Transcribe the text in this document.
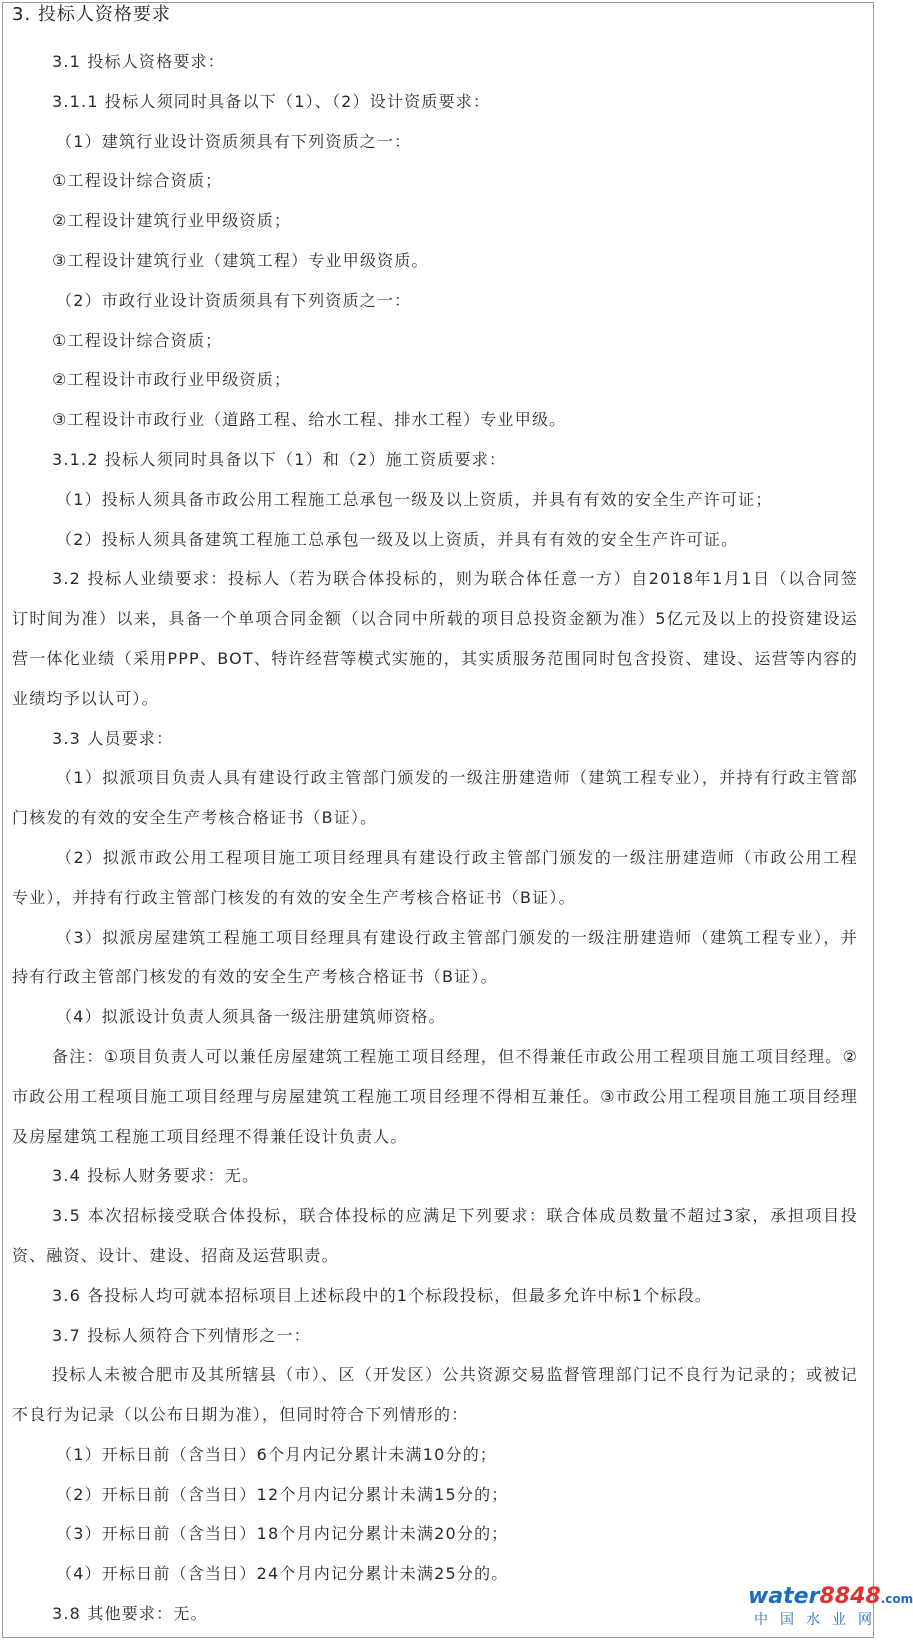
3. 投标人资格要求

3.1 投标人资格要求：

3.1.1 投标人须同时具备以下（1）、（2）设计资质要求：

（1）建筑行业设计资质须具有下列资质之一：

①工程设计综合资质；

②工程设计建筑行业甲级资质；

③工程设计建筑行业（建筑工程）专业甲级资质。

（2）市政行业设计资质须具有下列资质之一：

①工程设计综合资质；

②工程设计市政行业甲级资质；

③工程设计市政行业（道路工程、给水工程、排水工程）专业甲级。

3.1.2 投标人须同时具备以下（1）和（2）施工资质要求：

（1）投标人须具备市政公用工程施工总承包一级及以上资质，并具有有效的安全生产许可证；

（2）投标人须具备建筑工程施工总承包一级及以上资质，并具有有效的安全生产许可证。

3.2 投标人业绩要求：投标人（若为联合体投标的，则为联合体任意一方）自2018年1月1日（以合同签订时间为准）以来，具备一个单项合同金额（以合同中所载的项目总投资金额为准）5亿元及以上的投资建设运营一体化业绩（采用PPP、BOT、特许经营等模式实施的，其实质服务范围同时包含投资、建设、运营等内容的业绩均予以认可）。

3.3 人员要求：

（1）拟派项目负责人具有建设行政主管部门颁发的一级注册建造师（建筑工程专业），并持有行政主管部门核发的有效的安全生产考核合格证书（B证）。

（2）拟派市政公用工程项目施工项目经理具有建设行政主管部门颁发的一级注册建造师（市政公用工程专业），并持有行政主管部门核发的有效的安全生产考核合格证书（B证）。

（3）拟派房屋建筑工程施工项目经理具有建设行政主管部门颁发的一级注册建造师（建筑工程专业），并持有行政主管部门核发的有效的安全生产考核合格证书（B证）。

（4）拟派设计负责人须具备一级注册建筑师资格。

备注：①项目负责人可以兼任房屋建筑工程施工项目经理，但不得兼任市政公用工程项目施工项目经理。②市政公用工程项目施工项目经理与房屋建筑工程施工项目经理不得相互兼任。③市政公用工程项目施工项目经理及房屋建筑工程施工项目经理不得兼任设计负责人。

3.4 投标人财务要求：无。

3.5 本次招标接受联合体投标，联合体投标的应满足下列要求：联合体成员数量不超过3家，承担项目投资、融资、设计、建设、招商及运营职责。

3.6 各投标人均可就本招标项目上述标段中的1个标段投标，但最多允许中标1个标段。

3.7 投标人须符合下列情形之一：

投标人未被合肥市及其所辖县（市）、区（开发区）公共资源交易监督管理部门记不良行为记录的；或被记不良行为记录（以公布日期为准），但同时符合下列情形的：

（1）开标日前（含当日）6个月内记分累计未满10分的；

（2）开标日前（含当日）12个月内记分累计未满15分的；

（3）开标日前（含当日）18个月内记分累计未满20分的；

（4）开标日前（含当日）24个月内记分累计未满25分的。

3.8 其他要求：无。

water8848.com
中国水业网
